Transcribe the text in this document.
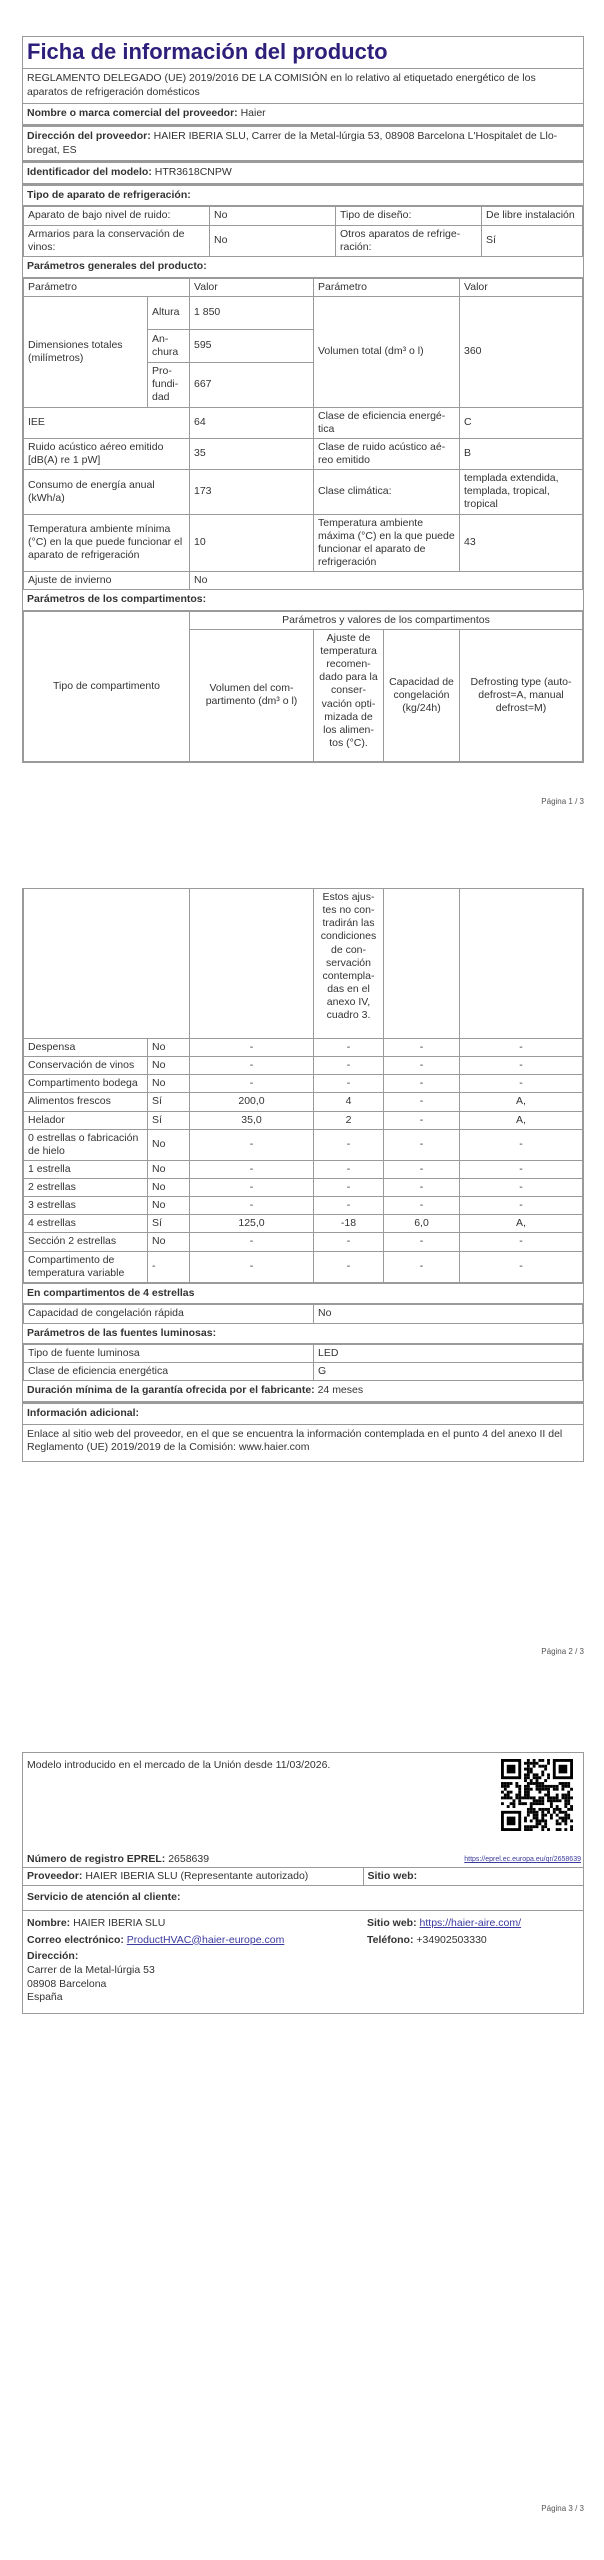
Ficha de información del producto
REGLAMENTO DELEGADO (UE) 2019/2016 DE LA COMISIÓN en lo relativo al etiquetado energético de los aparatos de refrigeración domésticos
Nombre o marca comercial del proveedor: Haier
Dirección del proveedor: HAIER IBERIA SLU, Carrer de la Metal-lúrgia 53, 08908 Barcelona L'Hospitalet de Llobregat, ES
Identificador del modelo: HTR3618CNPW
Tipo de aparato de refrigeración:
Aparato de bajo nivel de ruido:	No	Tipo de diseño:	De libre instalación
Armarios para la conservación de vinos:	No	Otros aparatos de refrigeración:	Sí
Parámetros generales del producto:
Parámetro		Valor	Parámetro	Valor
Dimensiones totales (milímetros)	Altura	1 850	Volumen total (dm³ o l)	360
	Anchura	595		
	Profundidad	667		
IEE		64	Clase de eficiencia energética	C
Ruido acústico aéreo emitido [dB(A) re 1 pW]		35	Clase de ruido acústico aéreo emitido	B
Consumo de energía anual (kWh/a)		173	Clase climática:	templada extendida, templada, tropical, tropical
Temperatura ambiente mínima (°C) en la que puede funcionar el aparato de refrigeración		10	Temperatura ambiente máxima (°C) en la que puede funcionar el aparato de refrigeración	43
Ajuste de invierno		No		
Parámetros de los compartimentos:
Tipo de compartimento	Parámetros y valores de los compartimentos			
	Volumen del compartimento (dm³ o l)	Ajuste de temperatura recomendado para la conservación optimizada de los alimentos (°C).	Capacidad de congelación (kg/24h)	Defrosting type (auto-defrost=A, manual defrost=M)
Página 1 / 3
			Estos ajustes no contradirán las condiciones de conservación contempladas en el anexo IV, cuadro 3.		
Despensa	No	-	-	-	-
Conservación de vinos	No	-	-	-	-
Compartimento bodega	No	-	-	-	-
Alimentos frescos	Sí	200,0	4	-	A,
Helador	Sí	35,0	2	-	A,
0 estrellas o fabricación de hielo	No	-	-	-	-
1 estrella	No	-	-	-	-
2 estrellas	No	-	-	-	-
3 estrellas	No	-	-	-	-
4 estrellas	Sí	125,0	-18	6,0	A,
Sección 2 estrellas	No	-	-	-	-
Compartimento de temperatura variable	-	-	-	-	-
En compartimentos de 4 estrellas
Capacidad de congelación rápida	No
Parámetros de las fuentes luminosas:
Tipo de fuente luminosa	LED
Clase de eficiencia energética	G
Duración mínima de la garantía ofrecida por el fabricante: 24 meses
Información adicional:
Enlace al sitio web del proveedor, en el que se encuentra la información contemplada en el punto 4 del anexo II del Reglamento (UE) 2019/2019 de la Comisión: www.haier.com
Página 2 / 3
Modelo introducido en el mercado de la Unión desde 11/03/2026.
Número de registro EPREL: 2658639	https://eprel.ec.europa.eu/qr/2658639
Proveedor: HAIER IBERIA SLU (Representante autorizado)	Sitio web:
Servicio de atención al cliente:
Nombre: HAIER IBERIA SLU	Sitio web: https://haier-aire.com/
Correo electrónico: ProductHVAC@haier-europe.com	Teléfono: +34902503330
Dirección:
Carrer de la Metal-lúrgia 53
08908 Barcelona
España
Página 3 / 3
